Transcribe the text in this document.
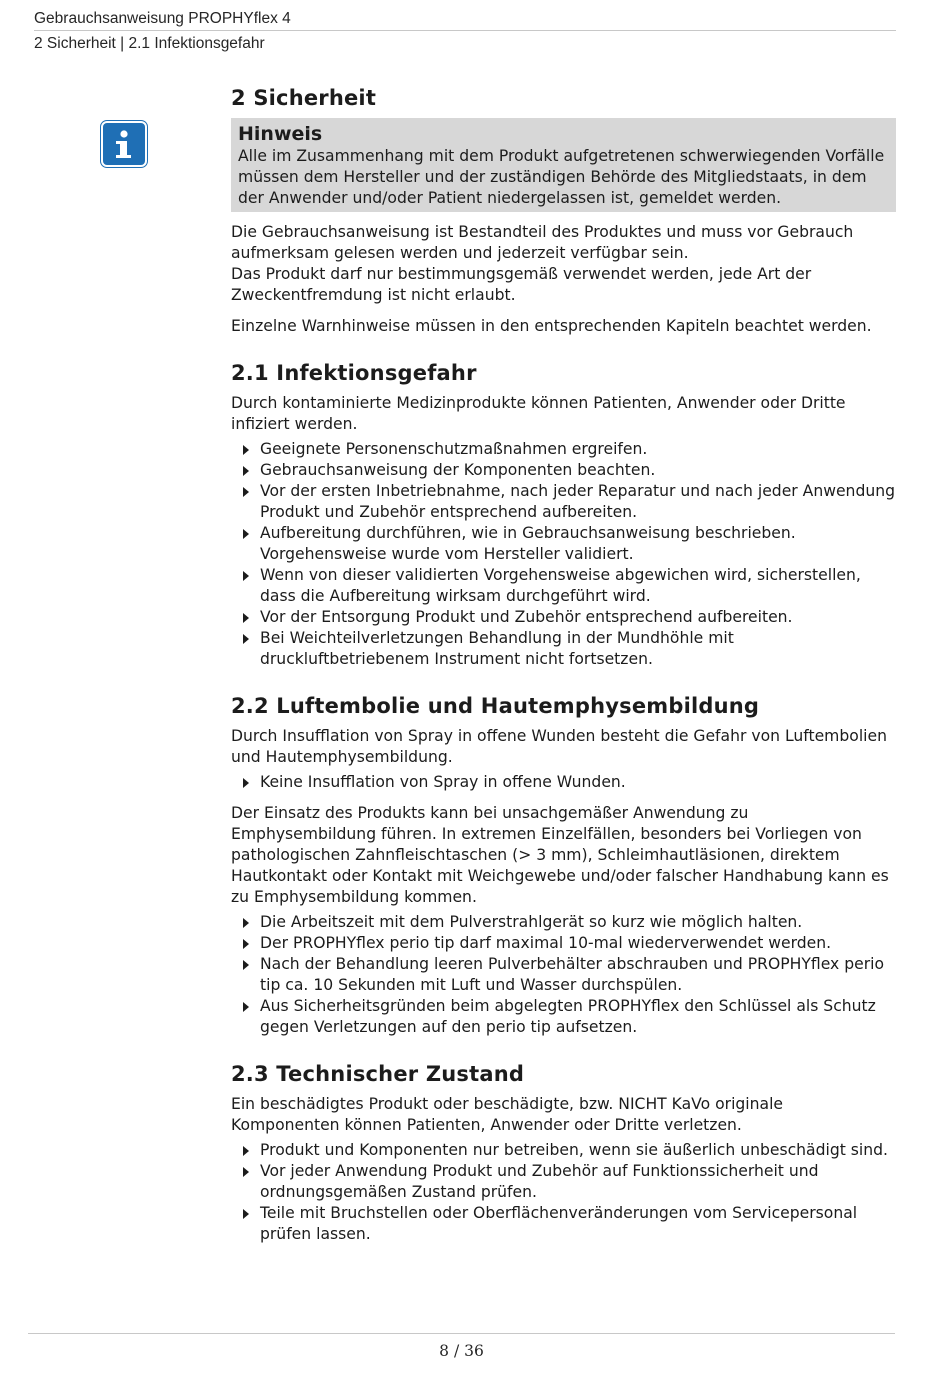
Gebrauchsanweisung PROPHYflex 4
2 Sicherheit | 2.1 Infektionsgefahr
2 Sicherheit
Hinweis

Alle im Zusammenhang mit dem Produkt aufgetretenen schwerwiegenden Vorfälle müssen dem Hersteller und der zuständigen Behörde des Mitgliedstaats, in dem der Anwender und/oder Patient niedergelassen ist, gemeldet werden.

Die Gebrauchsanweisung ist Bestandteil des Produktes und muss vor Gebrauch aufmerksam gelesen werden und jederzeit verfügbar sein.

Das Produkt darf nur bestimmungsgemäß verwendet werden, jede Art der Zweckentfremdung ist nicht erlaubt.

Einzelne Warnhinweise müssen in den entsprechenden Kapiteln beachtet werden.

2.1 Infektionsgefahr

Durch kontaminierte Medizinprodukte können Patienten, Anwender oder Dritte infiziert werden.

Geeignete Personenschutzmaßnahmen ergreifen.
Gebrauchsanweisung der Komponenten beachten.
Vor der ersten Inbetriebnahme, nach jeder Reparatur und nach jeder Anwendung Produkt und Zubehör entsprechend aufbereiten.
Aufbereitung durchführen, wie in Gebrauchsanweisung beschrieben. Vorgehensweise wurde vom Hersteller validiert.
Wenn von dieser validierten Vorgehensweise abgewichen wird, sicherstellen, dass die Aufbereitung wirksam durchgeführt wird.
Vor der Entsorgung Produkt und Zubehör entsprechend aufbereiten.
Bei Weichteilverletzungen Behandlung in der Mundhöhle mit druckluftbetriebenem Instrument nicht fortsetzen.
2.2 Luftembolie und Hautemphysembildung

Durch Insufflation von Spray in offene Wunden besteht die Gefahr von Luftembolien und Hautemphysembildung.

Keine Insufflation von Spray in offene Wunden.

Der Einsatz des Produkts kann bei unsachgemäßer Anwendung zu Emphysembildung führen. In extremen Einzelfällen, besonders bei Vorliegen von pathologischen Zahnfleischtaschen (> 3 mm), Schleimhautläsionen, direktem Hautkontakt oder Kontakt mit Weichgewebe und/oder falscher Handhabung kann es zu Emphysembildung kommen.

Die Arbeitszeit mit dem Pulverstrahlgerät so kurz wie möglich halten.
Der PROPHYflex perio tip darf maximal 10-mal wiederverwendet werden.
Nach der Behandlung leeren Pulverbehälter abschrauben und PROPHYflex perio tip ca. 10 Sekunden mit Luft und Wasser durchspülen.
Aus Sicherheitsgründen beim abgelegten PROPHYflex den Schlüssel als Schutz gegen Verletzungen auf den perio tip aufsetzen.
2.3 Technischer Zustand

Ein beschädigtes Produkt oder beschädigte, bzw. NICHT KaVo originale Komponenten können Patienten, Anwender oder Dritte verletzen.

Produkt und Komponenten nur betreiben, wenn sie äußerlich unbeschädigt sind.
Vor jeder Anwendung Produkt und Zubehör auf Funktionssicherheit und ordnungsgemäßen Zustand prüfen.
Teile mit Bruchstellen oder Oberflächenveränderungen vom Servicepersonal prüfen lassen.
8 / 36
